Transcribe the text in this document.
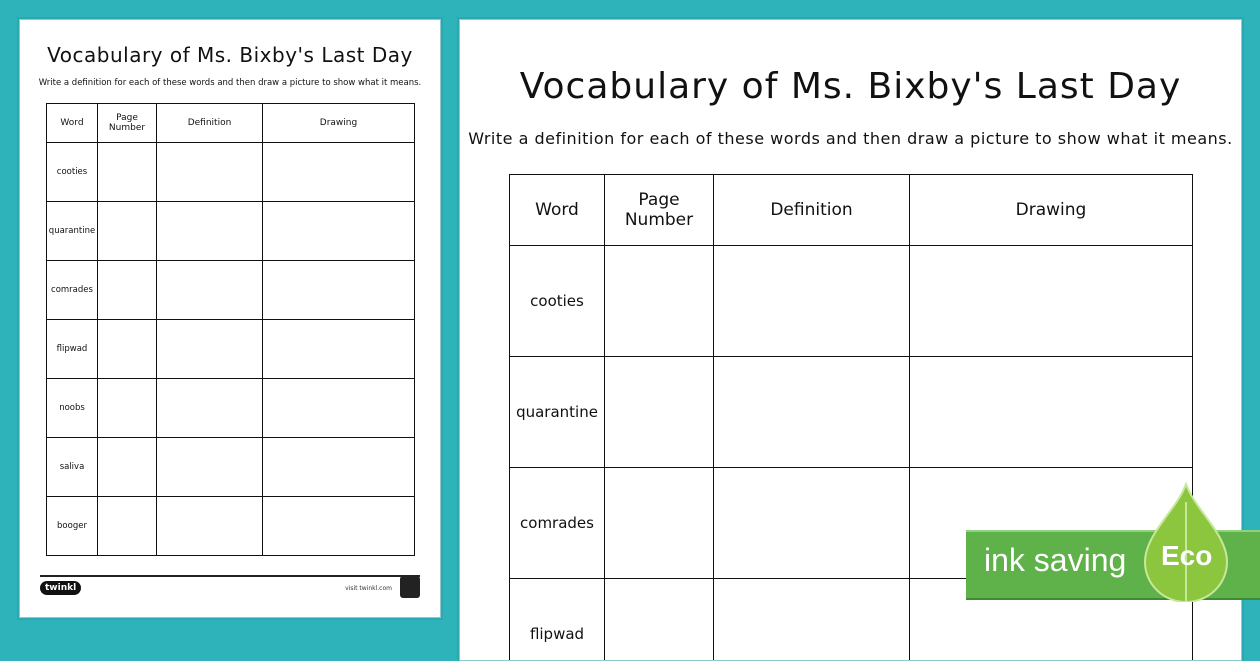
Vocabulary of Ms. Bixby's Last Day

Write a definition for each of these words and then draw a picture to show what it means.

Word	Page Number	Definition	Drawing
cooties			
quarantine			
comrades			
flipwad			
noobs			
saliva			
booger			
twinkl	visit twinkl.com
Vocabulary of Ms. Bixby's Last Day

Write a definition for each of these words and then draw a picture to show what it means.

Word	Page Number	Definition	Drawing
cooties			
quarantine			
comrades			
flipwad			
ink saving Eco
